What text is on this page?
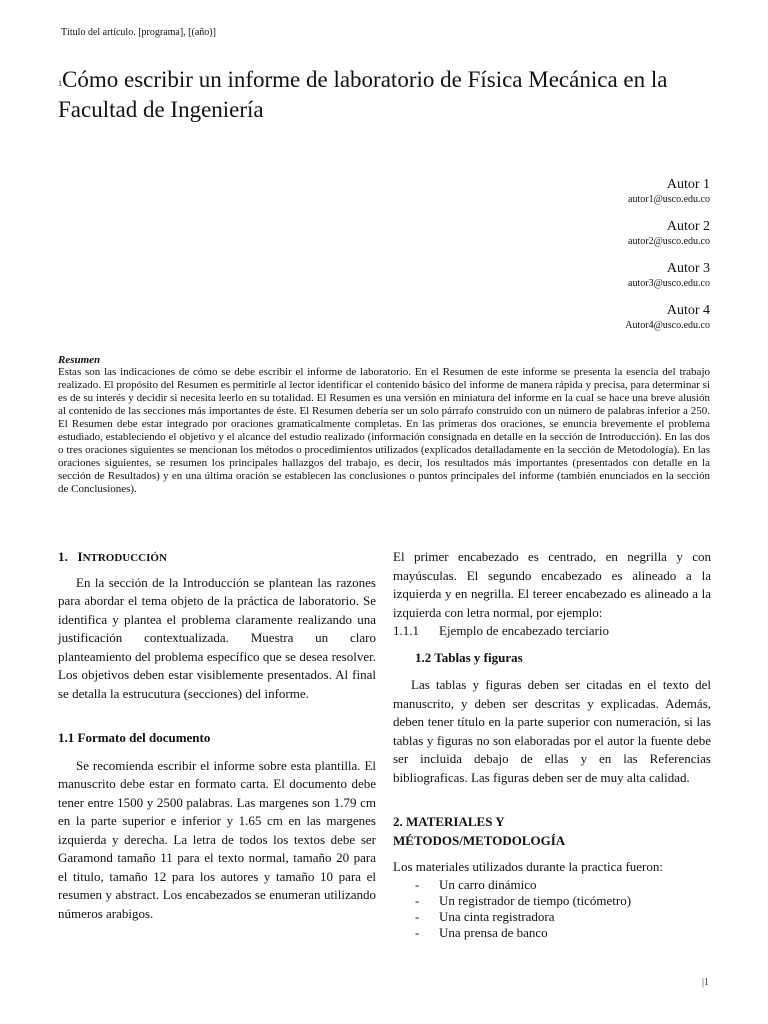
Título del artículo. [programa], [(año)]
$^1$Cómo escribir un informe de laboratorio de Física Mecánica en la Facultad de Ingeniería
Autor 1
autor1@usco.edu.co
Autor 2
autor2@usco.edu.co
Autor 3
autor3@usco.edu.co
Autor 4
Autor4@usco.edu.co
Resumen

Estas son las indicaciones de cómo se debe escribir el informe de laboratorio. En el Resumen de este informe se presenta la esencia del trabajo realizado. El propósito del Resumen es permitirle al lector identificar el contenido básico del informe de manera rápida y precisa, para determinar si es de su interés y decidir si necesita leerlo en su totalidad. El Resumen es una versión en miniatura del informe en la cual se hace una breve alusión al contenido de las secciones más importantes de éste. El Resumen debería ser un solo párrafo construido con un número de palabras inferior a 250. El Resumen debe estar integrado por oraciones gramaticalmente completas. En las primeras dos oraciones, se enuncia brevemente el problema estudiado, estableciendo el objetivo y el alcance del estudio realizado (información consignada en detalle en la sección de Introducción). En las dos o tres oraciones siguientes se mencionan los métodos o procedimientos utilizados (explicados detalladamente en la sección de Metodología). En las oraciones siguientes, se resumen los principales hallazgos del trabajo, es decir, los resultados más importantes (presentados con detalle en la sección de Resultados) y en una última oración se establecen las conclusiones o puntos principales del informe (también enunciados en la sección de Conclusiones).

1. INTRODUCCIÓN

En la sección de la Introducción se plantean las razones para abordar el tema objeto de la práctica de laboratorio. Se identifica y plantea el problema claramente realizando una justificación contextualizada. Muestra un claro planteamiento del problema específico que se desea resolver. Los objetivos deben estar visiblemente presentados. Al final se detalla la estrucutura (secciones) del informe.

1.1 Formato del documento

Se recomienda escribir el informe sobre esta plantilla. El manuscrito debe estar en formato carta. El documento debe tener entre 1500 y 2500 palabras. Las margenes son 1.79 cm en la parte superior e inferior y 1.65 cm en las margenes izquierda y derecha. La letra de todos los textos debe ser Garamond tamaño 11 para el texto normal, tamaño 20 para el titulo, tamaño 12 para los autores y tamaño 10 para el resumen y abstract. Los encabezados se enumeran utilizando números arabigos.

El primer encabezado es centrado, en negrilla y con mayúsculas. El segundo encabezado es alineado a la izquierda y en negrilla. El tereer encabezado es alineado a la izquierda con letra normal, por ejemplo:

1.1.1 Ejemplo de encabezado terciario

1.2 Tablas y figuras

Las tablas y figuras deben ser citadas en el texto del manuscrito, y deben ser descritas y explicadas. Además, deben tener título en la parte superior con numeración, si las tablas y figuras no son elaboradas por el autor la fuente debe ser incluida debajo de ellas y en las Referencias bibliograficas. Las figuras deben ser de muy alta calidad.

2. MATERIALES Y
MÉTODOS/METODOLOGÍA

Los materiales utilizados durante la practica fueron:

- Un carro dinámico
- Un registrador de tiempo (ticómetro)
- Una cinta registradora
- Una prensa de banco
|1
